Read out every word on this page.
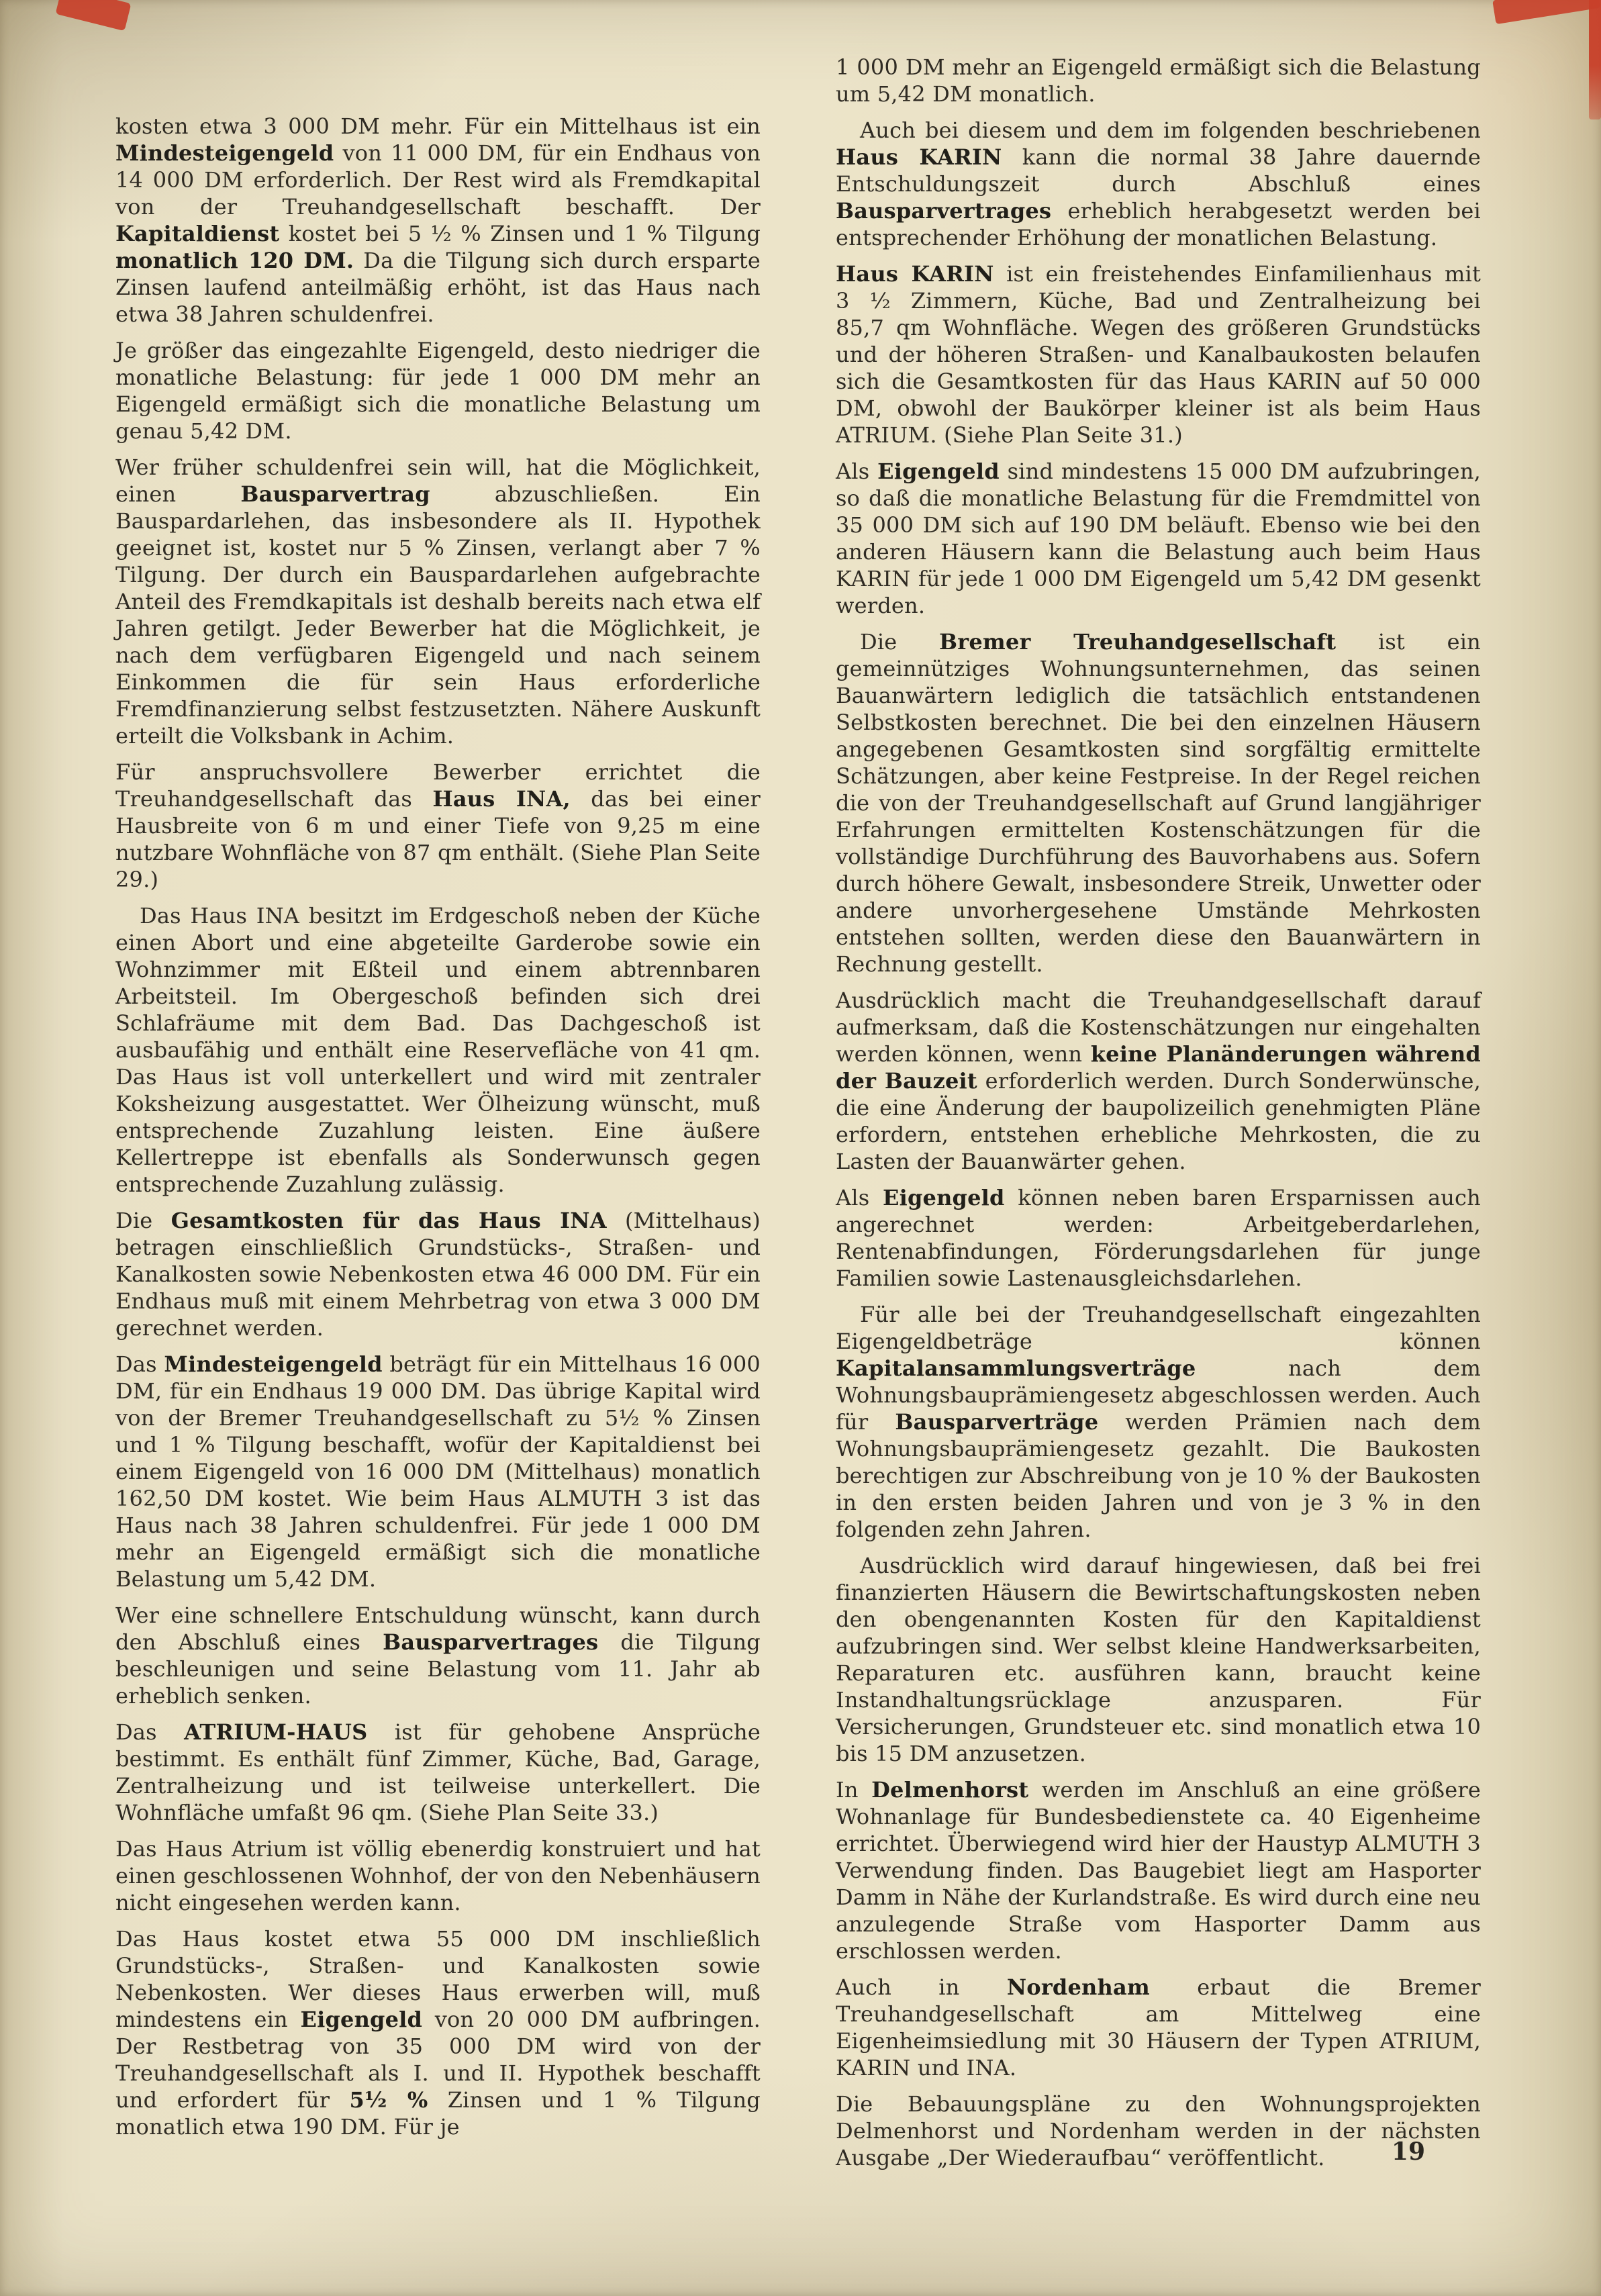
kosten etwa 3 000 DM mehr. Für ein Mittelhaus ist ein Mindesteigengeld von 11 000 DM, für ein Endhaus von 14 000 DM erforderlich. Der Rest wird als Fremdkapital von der Treuhandgesellschaft beschafft. Der Kapitaldienst kostet bei 5 ½ % Zinsen und 1 % Tilgung monatlich 120 DM. Da die Tilgung sich durch ersparte Zinsen laufend anteilmäßig erhöht, ist das Haus nach etwa 38 Jahren schuldenfrei.

Je größer das eingezahlte Eigengeld, desto niedriger die monatliche Belastung: für jede 1 000 DM mehr an Eigengeld ermäßigt sich die monatliche Belastung um genau 5,42 DM.

Wer früher schuldenfrei sein will, hat die Möglichkeit, einen Bausparvertrag abzuschließen. Ein Bauspardarlehen, das insbesondere als II. Hypothek geeignet ist, kostet nur 5 % Zinsen, verlangt aber 7 % Tilgung. Der durch ein Bauspardarlehen aufgebrachte Anteil des Fremdkapitals ist deshalb bereits nach etwa elf Jahren getilgt. Jeder Bewerber hat die Möglichkeit, je nach dem verfügbaren Eigengeld und nach seinem Einkommen die für sein Haus erforderliche Fremdfinanzierung selbst festzusetzten. Nähere Auskunft erteilt die Volksbank in Achim.

Für anspruchsvollere Bewerber errichtet die Treuhandgesellschaft das Haus INA, das bei einer Hausbreite von 6 m und einer Tiefe von 9,25 m eine nutzbare Wohnfläche von 87 qm enthält. (Siehe Plan Seite 29.)

Das Haus INA besitzt im Erdgeschoß neben der Küche einen Abort und eine abgeteilte Garderobe sowie ein Wohnzimmer mit Eßteil und einem abtrennbaren Arbeitsteil. Im Obergeschoß befinden sich drei Schlafräume mit dem Bad. Das Dachgeschoß ist ausbaufähig und enthält eine Reservefläche von 41 qm. Das Haus ist voll unterkellert und wird mit zentraler Koksheizung ausgestattet. Wer Ölheizung wünscht, muß entsprechende Zuzahlung leisten. Eine äußere Kellertreppe ist ebenfalls als Sonderwunsch gegen entsprechende Zuzahlung zulässig.

Die Gesamtkosten für das Haus INA (Mittelhaus) betragen einschließlich Grundstücks-, Straßen- und Kanalkosten sowie Nebenkosten etwa 46 000 DM. Für ein Endhaus muß mit einem Mehrbetrag von etwa 3 000 DM gerechnet werden.

Das Mindesteigengeld beträgt für ein Mittelhaus 16 000 DM, für ein Endhaus 19 000 DM. Das übrige Kapital wird von der Bremer Treuhandgesellschaft zu 5½ % Zinsen und 1 % Tilgung beschafft, wofür der Kapitaldienst bei einem Eigengeld von 16 000 DM (Mittelhaus) monatlich 162,50 DM kostet. Wie beim Haus ALMUTH 3 ist das Haus nach 38 Jahren schuldenfrei. Für jede 1 000 DM mehr an Eigengeld ermäßigt sich die monatliche Belastung um 5,42 DM.

Wer eine schnellere Entschuldung wünscht, kann durch den Abschluß eines Bausparvertrages die Tilgung beschleunigen und seine Belastung vom 11. Jahr ab erheblich senken.

Das ATRIUM-HAUS ist für gehobene Ansprüche bestimmt. Es enthält fünf Zimmer, Küche, Bad, Garage, Zentralheizung und ist teilweise unterkellert. Die Wohnfläche umfaßt 96 qm. (Siehe Plan Seite 33.)

Das Haus Atrium ist völlig ebenerdig konstruiert und hat einen geschlossenen Wohnhof, der von den Nebenhäusern nicht eingesehen werden kann.

Das Haus kostet etwa 55 000 DM inschließlich Grundstücks-, Straßen- und Kanalkosten sowie Nebenkosten. Wer dieses Haus erwerben will, muß mindestens ein Eigengeld von 20 000 DM aufbringen. Der Restbetrag von 35 000 DM wird von der Treuhandgesellschaft als I. und II. Hypothek beschafft und erfordert für 5½ % Zinsen und 1 % Tilgung monatlich etwa 190 DM. Für je

1 000 DM mehr an Eigengeld ermäßigt sich die Belastung um 5,42 DM monatlich.

Auch bei diesem und dem im folgenden beschriebenen Haus KARIN kann die normal 38 Jahre dauernde Entschuldungszeit durch Abschluß eines Bausparvertrages erheblich herabgesetzt werden bei entsprechender Erhöhung der monatlichen Belastung.

Haus KARIN ist ein freistehendes Einfamilienhaus mit 3 ½ Zimmern, Küche, Bad und Zentralheizung bei 85,7 qm Wohnfläche. Wegen des größeren Grundstücks und der höheren Straßen- und Kanalbaukosten belaufen sich die Gesamtkosten für das Haus KARIN auf 50 000 DM, obwohl der Baukörper kleiner ist als beim Haus ATRIUM. (Siehe Plan Seite 31.)

Als Eigengeld sind mindestens 15 000 DM aufzubringen, so daß die monatliche Belastung für die Fremdmittel von 35 000 DM sich auf 190 DM beläuft. Ebenso wie bei den anderen Häusern kann die Belastung auch beim Haus KARIN für jede 1 000 DM Eigengeld um 5,42 DM gesenkt werden.

Die Bremer Treuhandgesellschaft ist ein gemeinnütziges Wohnungsunternehmen, das seinen Bauanwärtern lediglich die tatsächlich entstandenen Selbstkosten berechnet. Die bei den einzelnen Häusern angegebenen Gesamtkosten sind sorgfältig ermittelte Schätzungen, aber keine Festpreise. In der Regel reichen die von der Treuhandgesellschaft auf Grund langjähriger Erfahrungen ermittelten Kostenschätzungen für die vollständige Durchführung des Bauvorhabens aus. Sofern durch höhere Gewalt, insbesondere Streik, Unwetter oder andere unvorhergesehene Umstände Mehrkosten entstehen sollten, werden diese den Bauanwärtern in Rechnung gestellt.

Ausdrücklich macht die Treuhandgesellschaft darauf aufmerksam, daß die Kostenschätzungen nur eingehalten werden können, wenn keine Planänderungen während der Bauzeit erforderlich werden. Durch Sonderwünsche, die eine Änderung der baupolizeilich genehmigten Pläne erfordern, entstehen erhebliche Mehrkosten, die zu Lasten der Bauanwärter gehen.

Als Eigengeld können neben baren Ersparnissen auch angerechnet werden: Arbeitgeberdarlehen, Rentenabfindungen, Förderungsdarlehen für junge Familien sowie Lastenausgleichsdarlehen.

Für alle bei der Treuhandgesellschaft eingezahlten Eigengeldbeträge können Kapitalansammlungsverträge nach dem Wohnungsbauprämiengesetz abgeschlossen werden. Auch für Bausparverträge werden Prämien nach dem Wohnungsbauprämiengesetz gezahlt. Die Baukosten berechtigen zur Abschreibung von je 10 % der Baukosten in den ersten beiden Jahren und von je 3 % in den folgenden zehn Jahren.

Ausdrücklich wird darauf hingewiesen, daß bei frei finanzierten Häusern die Bewirtschaftungskosten neben den obengenannten Kosten für den Kapitaldienst aufzubringen sind. Wer selbst kleine Handwerksarbeiten, Reparaturen etc. ausführen kann, braucht keine Instandhaltungsrücklage anzusparen. Für Versicherungen, Grundsteuer etc. sind monatlich etwa 10 bis 15 DM anzusetzen.

In Delmenhorst werden im Anschluß an eine größere Wohnanlage für Bundesbedienstete ca. 40 Eigenheime errichtet. Überwiegend wird hier der Haustyp ALMUTH 3 Verwendung finden. Das Baugebiet liegt am Hasporter Damm in Nähe der Kurlandstraße. Es wird durch eine neu anzulegende Straße vom Hasporter Damm aus erschlossen werden.

Auch in Nordenham erbaut die Bremer Treuhandgesellschaft am Mittelweg eine Eigenheimsiedlung mit 30 Häusern der Typen ATRIUM, KARIN und INA.

Die Bebauungspläne zu den Wohnungsprojekten Delmenhorst und Nordenham werden in der nächsten Ausgabe „Der Wiederaufbau“ veröffentlicht.	19
